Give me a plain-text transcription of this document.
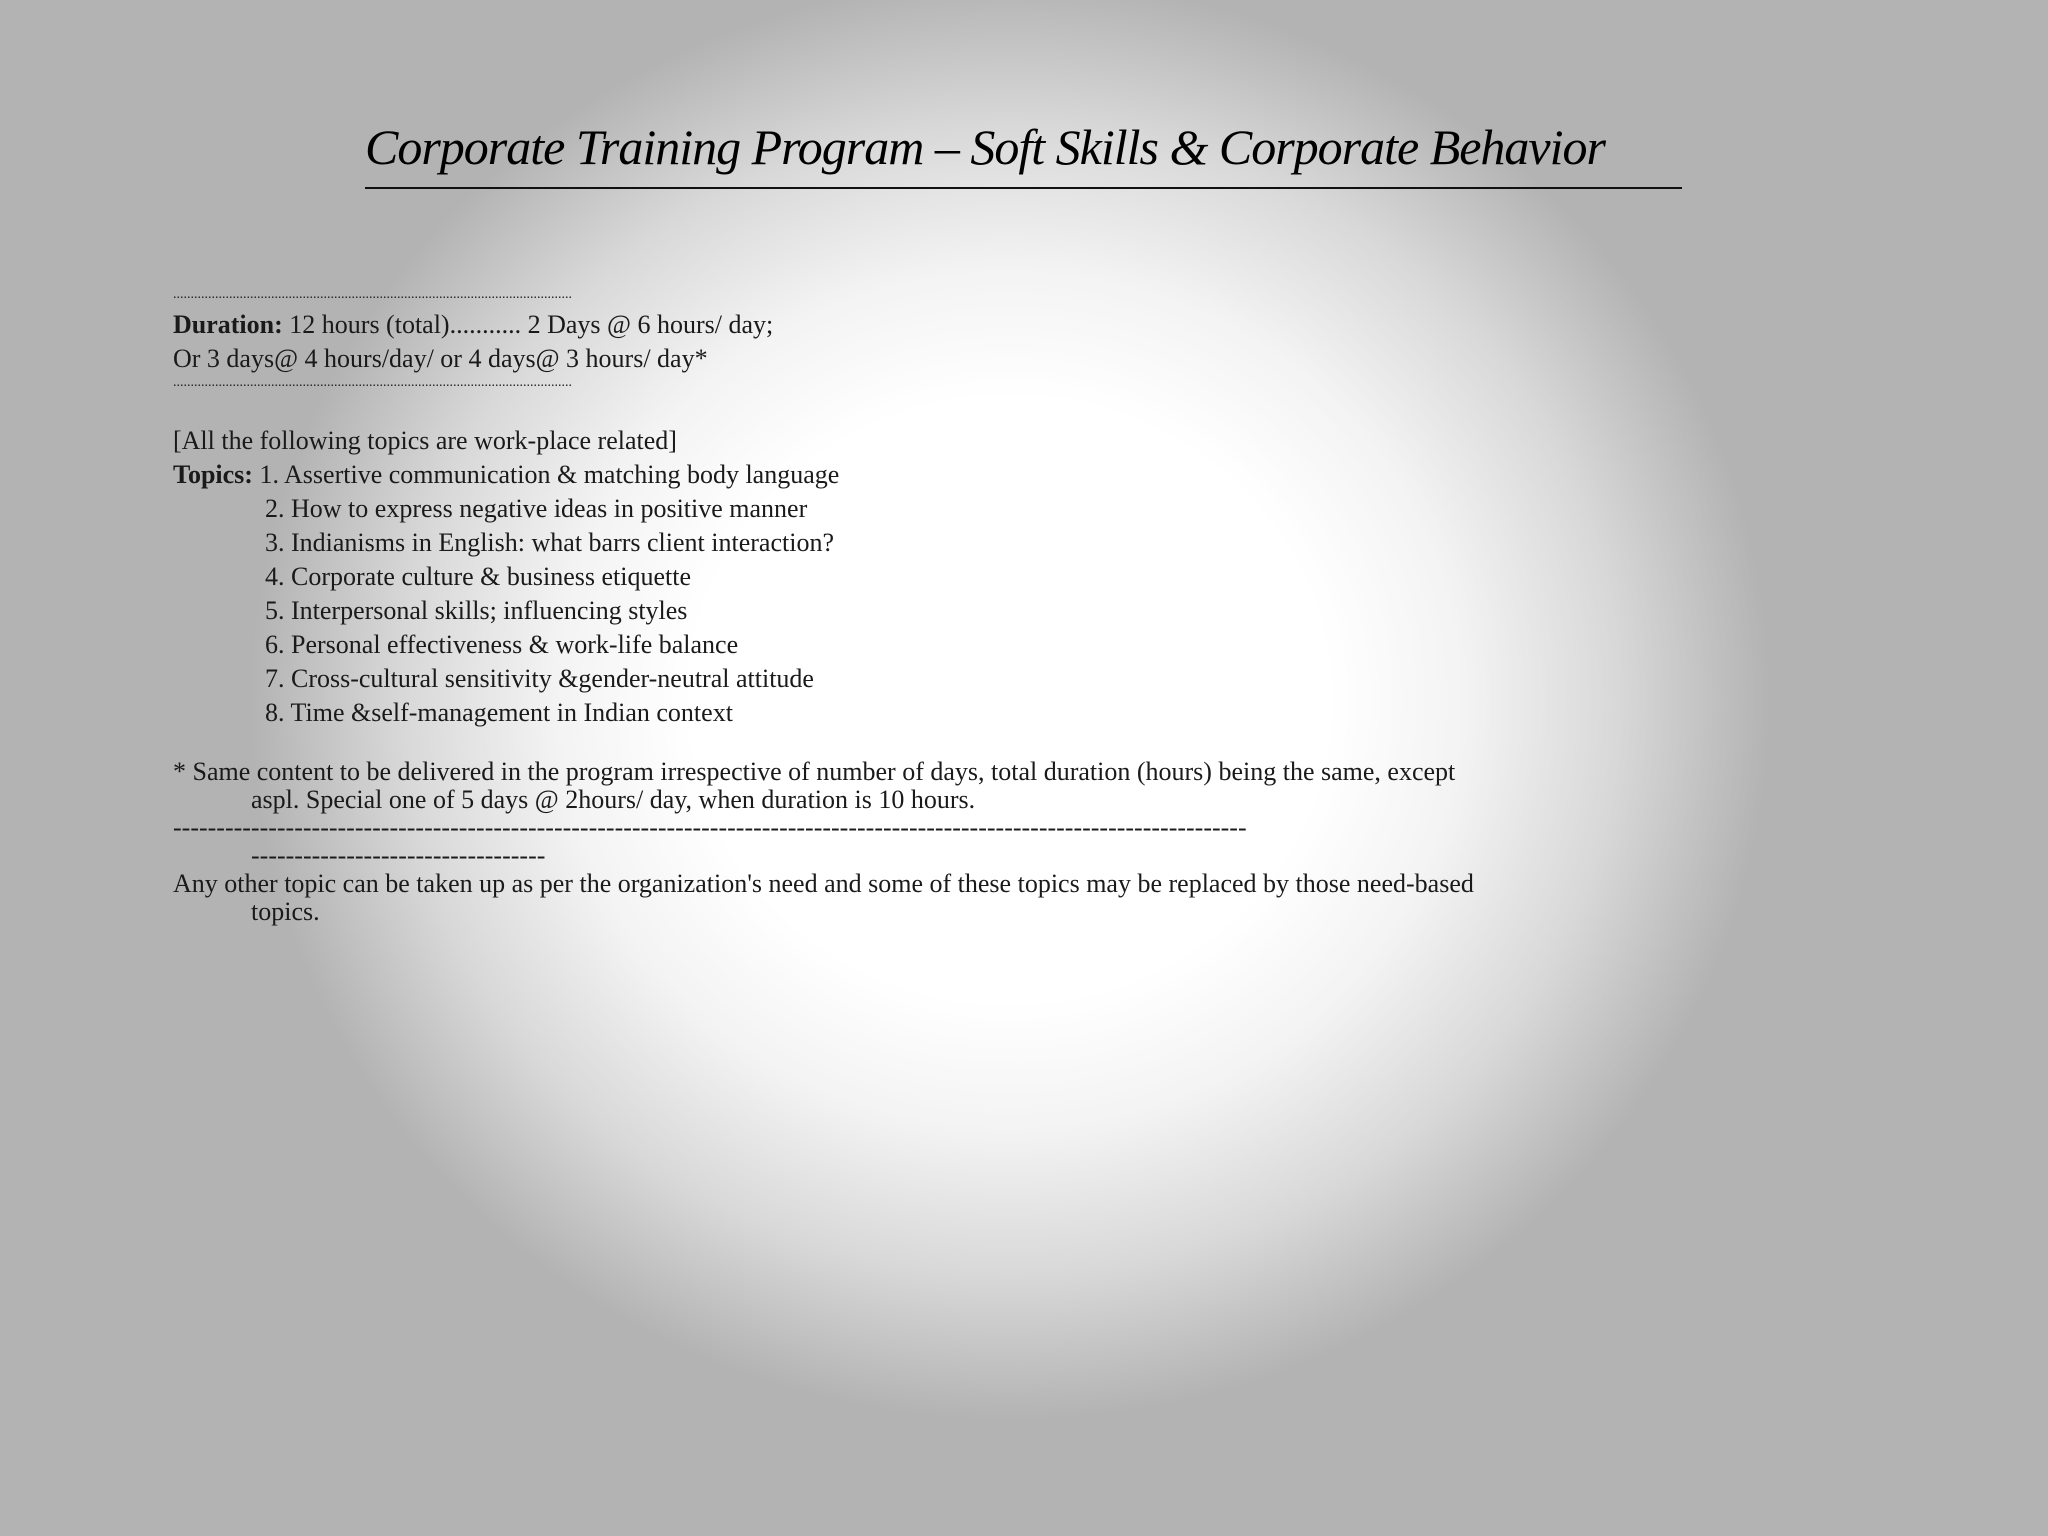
Corporate Training Program – Soft Skills & Corporate Behavior
..................................................................................................................
Duration: 12 hours (total)........... 2 Days @ 6 hours/ day;
Or 3 days@ 4 hours/day/ or 4 days@ 3 hours/ day*
..................................................................................................................
[All the following topics are work-place related]
Topics: 1. Assertive communication & matching body language
2. How to express negative ideas in positive manner
3. Indianisms in English: what barrs client interaction?
4. Corporate culture & business etiquette
5. Interpersonal skills; influencing styles
6. Personal effectiveness & work-life balance
7. Cross-cultural sensitivity &gender-neutral attitude
8. Time &self-management in Indian context
* Same content to be delivered in the program irrespective of number of days, total duration (hours) being the same, except
aspl. Special one of 5 days @ 2hours/ day, when duration is 10 hours.
----------------------------------------------------------------------------------------------------------------------------
----------------------------------
Any other topic can be taken up as per the organization's need and some of these topics may be replaced by those need-based
topics.
